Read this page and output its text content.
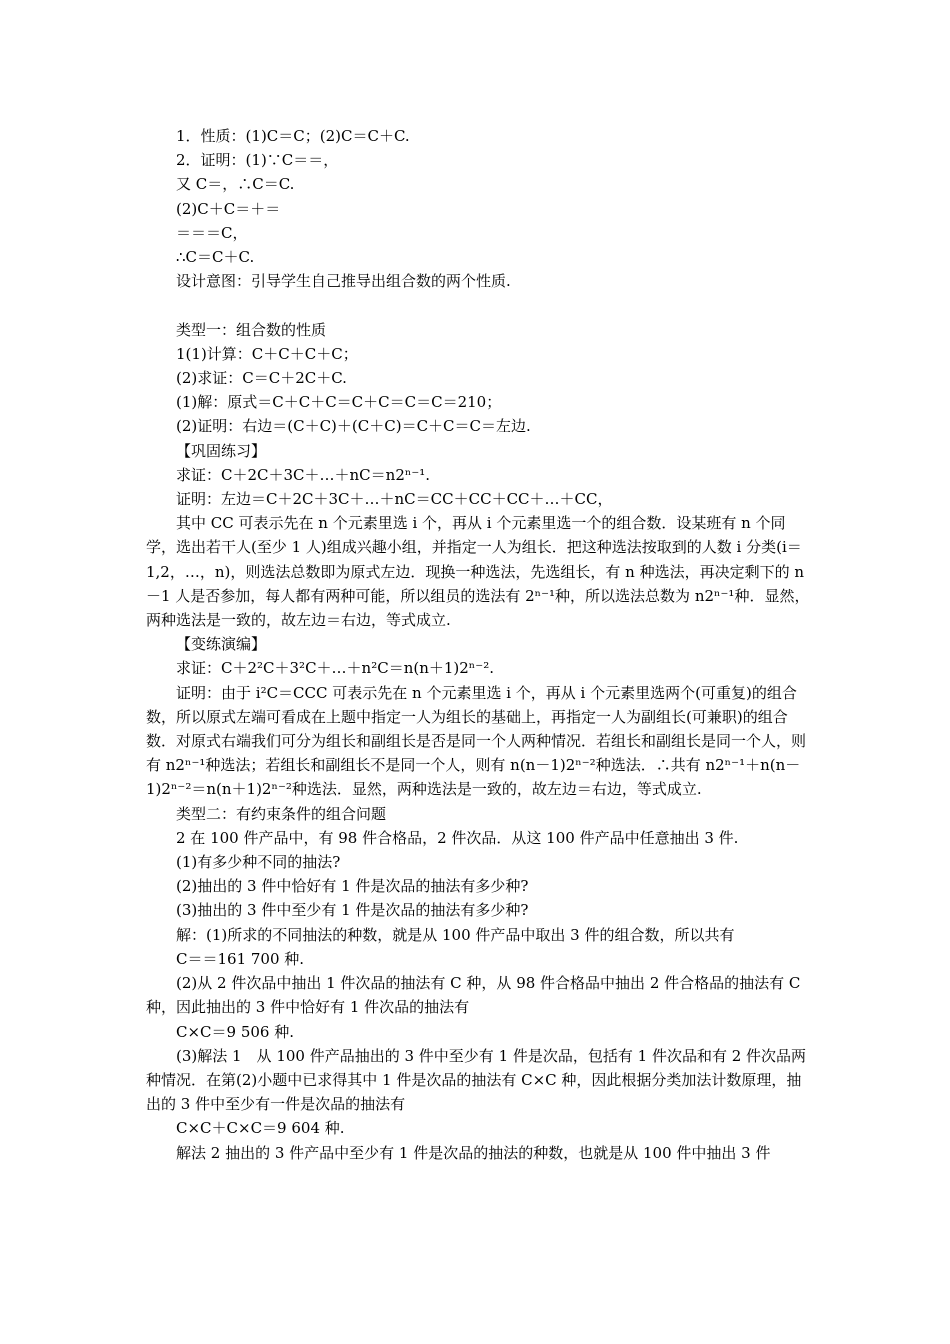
1．性质：(1)C＝C；(2)C＝C＋C.

2．证明：(1)∵C＝＝，

又 C＝，∴C＝C.

(2)C＋C＝＋＝

＝＝＝C，

∴C＝C＋C.

设计意图：引导学生自己推导出组合数的两个性质.

类型一：组合数的性质

1(1)计算：C＋C＋C＋C；

(2)求证：C＝C＋2C＋C.

(1)解：原式＝C＋C＋C＝C＋C＝C＝C＝210；

(2)证明：右边＝(C＋C)＋(C＋C)＝C＋C＝C＝左边.

【巩固练习】

求证：C＋2C＋3C＋…＋nC＝n2ⁿ⁻¹.

证明：左边＝C＋2C＋3C＋…＋nC＝CC＋CC＋CC＋…＋CC，

其中 CC 可表示先在 n 个元素里选 i 个，再从 i 个元素里选一个的组合数．设某班有 n 个同学，选出若干人(至少 1 人)组成兴趣小组，并指定一人为组长．把这种选法按取到的人数 i 分类(i＝1,2，…，n)，则选法总数即为原式左边．现换一种选法，先选组长，有 n 种选法，再决定剩下的 n－1 人是否参加，每人都有两种可能，所以组员的选法有 2ⁿ⁻¹种，所以选法总数为 n2ⁿ⁻¹种．显然，两种选法是一致的，故左边＝右边，等式成立.

【变练演编】

求证：C＋2²C＋3²C＋…＋n²C＝n(n＋1)2ⁿ⁻².

证明：由于 i²C＝CCC 可表示先在 n 个元素里选 i 个，再从 i 个元素里选两个(可重复)的组合数，所以原式左端可看成在上题中指定一人为组长的基础上，再指定一人为副组长(可兼职)的组合数．对原式右端我们可分为组长和副组长是否是同一个人两种情况．若组长和副组长是同一个人，则有 n2ⁿ⁻¹种选法；若组长和副组长不是同一个人，则有 n(n－1)2ⁿ⁻²种选法．∴共有 n2ⁿ⁻¹＋n(n－1)2ⁿ⁻²＝n(n＋1)2ⁿ⁻²种选法．显然，两种选法是一致的，故左边＝右边，等式成立.

类型二：有约束条件的组合问题

2 在 100 件产品中，有 98 件合格品，2 件次品．从这 100 件产品中任意抽出 3 件.

(1)有多少种不同的抽法?

(2)抽出的 3 件中恰好有 1 件是次品的抽法有多少种?

(3)抽出的 3 件中至少有 1 件是次品的抽法有多少种?

解：(1)所求的不同抽法的种数，就是从 100 件产品中取出 3 件的组合数，所以共有

C＝＝161 700 种.

(2)从 2 件次品中抽出 1 件次品的抽法有 C 种，从 98 件合格品中抽出 2 件合格品的抽法有 C 种，因此抽出的 3 件中恰好有 1 件次品的抽法有

C×C＝9 506 种.

(3)解法 1　从 100 件产品抽出的 3 件中至少有 1 件是次品，包括有 1 件次品和有 2 件次品两种情况．在第(2)小题中已求得其中 1 件是次品的抽法有 C×C 种，因此根据分类加法计数原理，抽出的 3 件中至少有一件是次品的抽法有

C×C＋C×C＝9 604 种.

解法 2 抽出的 3 件产品中至少有 1 件是次品的抽法的种数，也就是从 100 件中抽出 3 件
